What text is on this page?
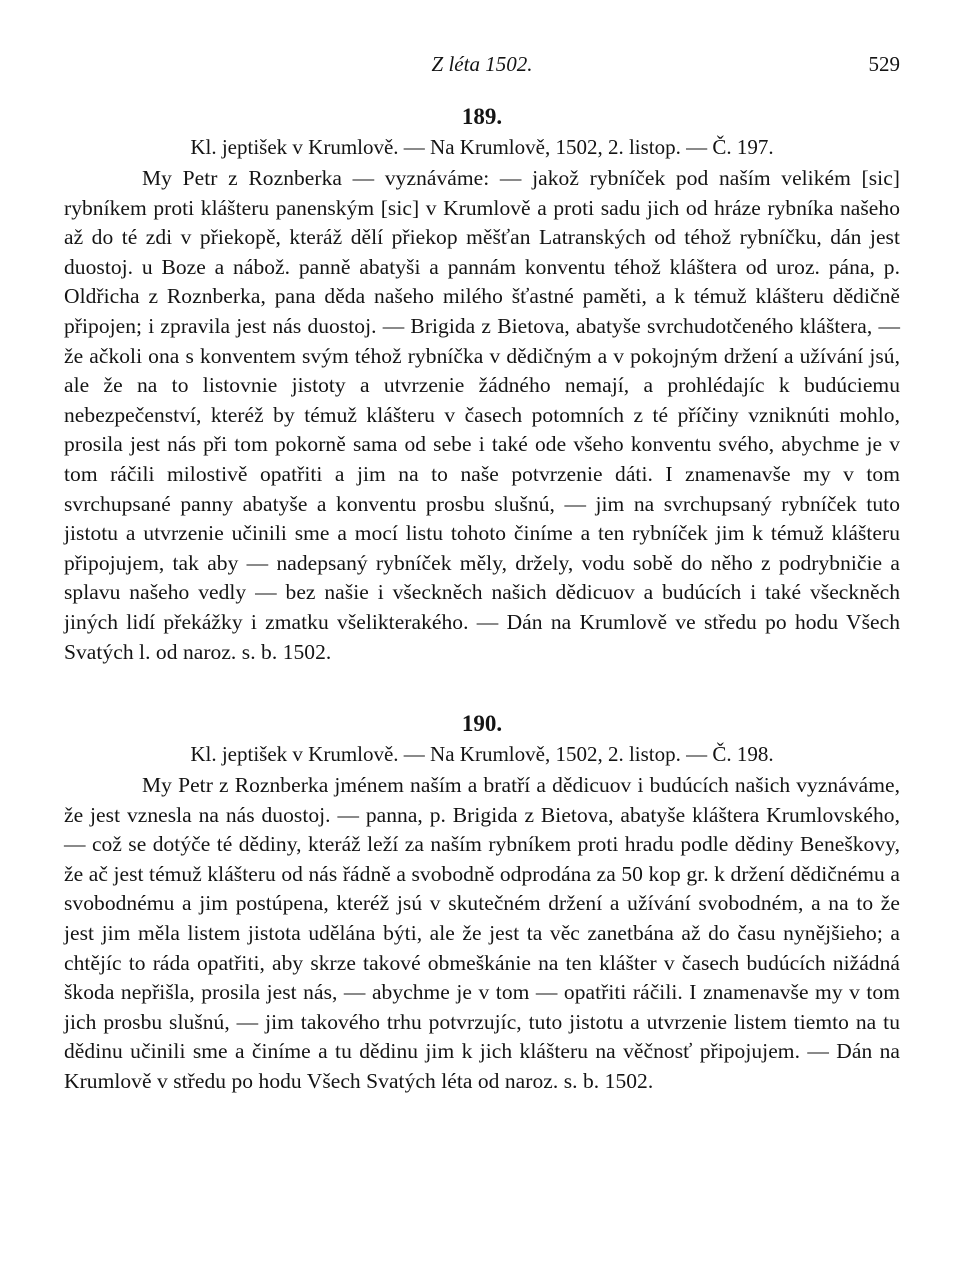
Z léta 1502.	529
189.
Kl. jeptišek v Krumlově. — Na Krumlově, 1502, 2. listop. — Č. 197.

My Petr z Roznberka — vyznáváme: — jakož rybníček pod naším velikém [sic] rybníkem proti klášteru panenským [sic] v Krumlově a proti sadu jich od hráze rybníka našeho až do té zdi v přiekopě, kteráž dělí přiekop měšťan Latranských od téhož rybníčku, dán jest duostoj. u Boze a nábož. panně abatyši a pannám konventu téhož kláštera od uroz. pána, p. Oldřicha z Roznberka, pana děda našeho milého šťastné paměti, a k témuž klášteru dědičně připojen; i zpravila jest nás duostoj. — Brigida z Bietova, abatyše svrchudotčeného kláštera, — že ačkoli ona s konventem svým téhož rybníčka v dědičným a v pokojným držení a užívání jsú, ale že na to listovnie jistoty a utvrzenie žádného nemají, a prohlédajíc k budúciemu nebezpečenství, kteréž by témuž klášteru v časech potomních z té příčiny vzniknúti mohlo, prosila jest nás při tom pokorně sama od sebe i také ode všeho konventu svého, abychme je v tom ráčili milostivě opatřiti a jim na to naše potvrzenie dáti. I znamenavše my v tom svrchupsané panny abatyše a konventu prosbu slušnú, — jim na svrchupsaný rybníček tuto jistotu a utvrzenie učinili sme a mocí listu tohoto činíme a ten rybníček jim k témuž klášteru připojujem, tak aby — nadepsaný rybníček měly, držely, vodu sobě do něho z podrybničie a splavu našeho vedly — bez našie i všeckněch našich dědicuov a budúcích i také všeckněch jiných lidí překážky i zmatku všelikterakého. — Dán na Krumlově ve středu po hodu Všech Svatých l. od naroz. s. b. 1502.

190.
Kl. jeptišek v Krumlově. — Na Krumlově, 1502, 2. listop. — Č. 198.

My Petr z Roznberka jménem naším a bratří a dědicuov i budúcích našich vyznáváme, že jest vznesla na nás duostoj. — panna, p. Brigida z Bietova, abatyše kláštera Krumlovského, — což se dotýče té dědiny, kteráž leží za naším rybníkem proti hradu podle dědiny Beneškovy, že ač jest témuž klášteru od nás řádně a svobodně odprodána za 50 kop gr. k držení dědičnému a svobodnému a jim postúpena, kteréž jsú v skutečném držení a užívání svobodném, a na to že jest jim měla listem jistota udělána býti, ale že jest ta věc zanetbána až do času nynějšieho; a chtějíc to ráda opatřiti, aby skrze takové obmeškánie na ten klášter v časech budúcích nižádná škoda nepřišla, prosila jest nás, — abychme je v tom — opatřiti ráčili. I znamenavše my v tom jich prosbu slušnú, — jim takového trhu potvrzujíc, tuto jistotu a utvrzenie listem tiemto na tu dědinu učinili sme a činíme a tu dědinu jim k jich klášteru na věčnosť připojujem. — Dán na Krumlově v středu po hodu Všech Svatých léta od naroz. s. b. 1502.
